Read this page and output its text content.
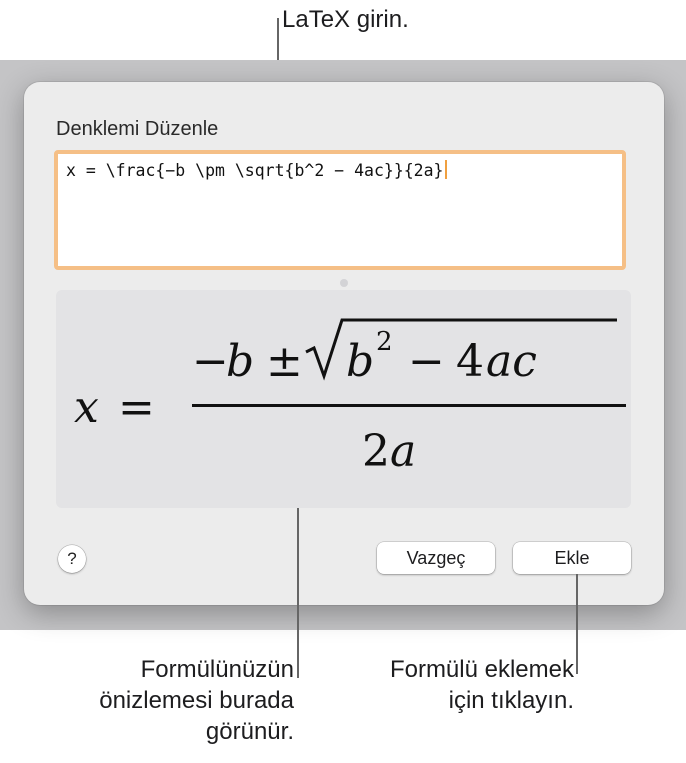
LaTeX girin.
Denklemi Düzenle
x = \frac{−b \pm \sqrt{b^2 − 4ac}}{2a}
x =
−
b ± b 2 − 4 ac
2 a
?	Vazgeç	Ekle
Formülünüzün
önizlemesi burada
görünür.
Formülü eklemek
için tıklayın.
